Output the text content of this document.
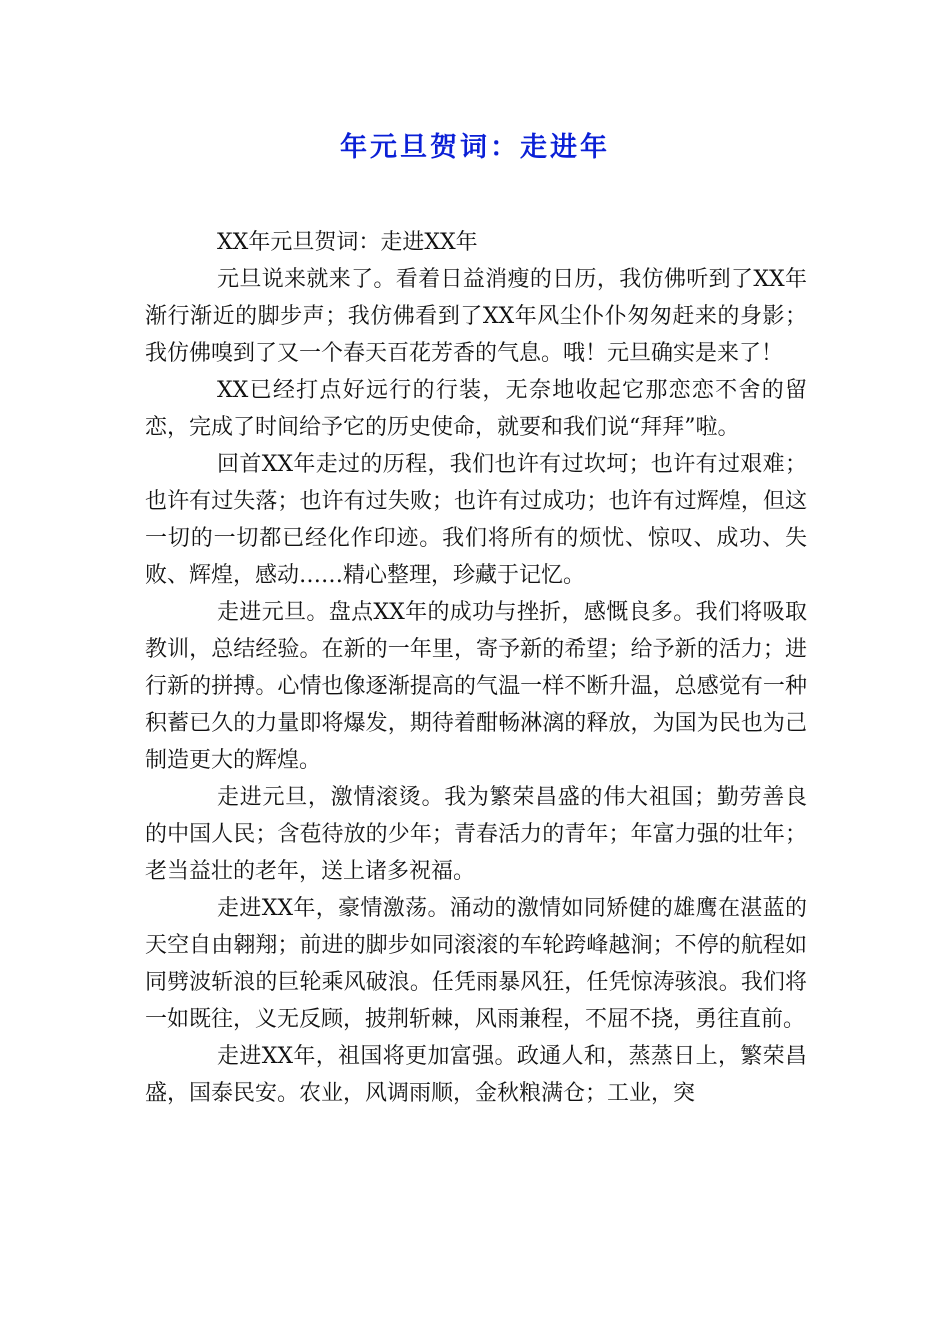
年元旦贺词：走进年

XX年元旦贺词：走进XX年

元旦说来就来了。看着日益消瘦的日历，我仿佛听到了XX年渐行渐近的脚步声；我仿佛看到了XX年风尘仆仆匆匆赶来的身影；我仿佛嗅到了又一个春天百花芳香的气息。哦！元旦确实是来了！

XX已经打点好远行的行装，无奈地收起它那恋恋不舍的留恋，完成了时间给予它的历史使命，就要和我们说“拜拜”啦。

回首XX年走过的历程，我们也许有过坎坷；也许有过艰难；也许有过失落；也许有过失败；也许有过成功；也许有过辉煌，但这一切的一切都已经化作印迹。我们将所有的烦忧、惊叹、成功、失败、辉煌，感动……精心整理，珍藏于记忆。

走进元旦。盘点XX年的成功与挫折，感慨良多。我们将吸取教训，总结经验。在新的一年里，寄予新的希望；给予新的活力；进行新的拼搏。心情也像逐渐提高的气温一样不断升温，总感觉有一种积蓄已久的力量即将爆发，期待着酣畅淋漓的释放，为国为民也为己制造更大的辉煌。

走进元旦，激情滚烫。我为繁荣昌盛的伟大祖国；勤劳善良的中国人民；含苞待放的少年；青春活力的青年；年富力强的壮年；老当益壮的老年，送上诸多祝福。

走进XX年，豪情激荡。涌动的激情如同矫健的雄鹰在湛蓝的天空自由翱翔；前进的脚步如同滚滚的车轮跨峰越涧；不停的航程如同劈波斩浪的巨轮乘风破浪。任凭雨暴风狂，任凭惊涛骇浪。我们将一如既往，义无反顾，披荆斩棘，风雨兼程，不屈不挠，勇往直前。

走进XX年，祖国将更加富强。政通人和，蒸蒸日上，繁荣昌盛，国泰民安。农业，风调雨顺，金秋粮满仓；工业，突
